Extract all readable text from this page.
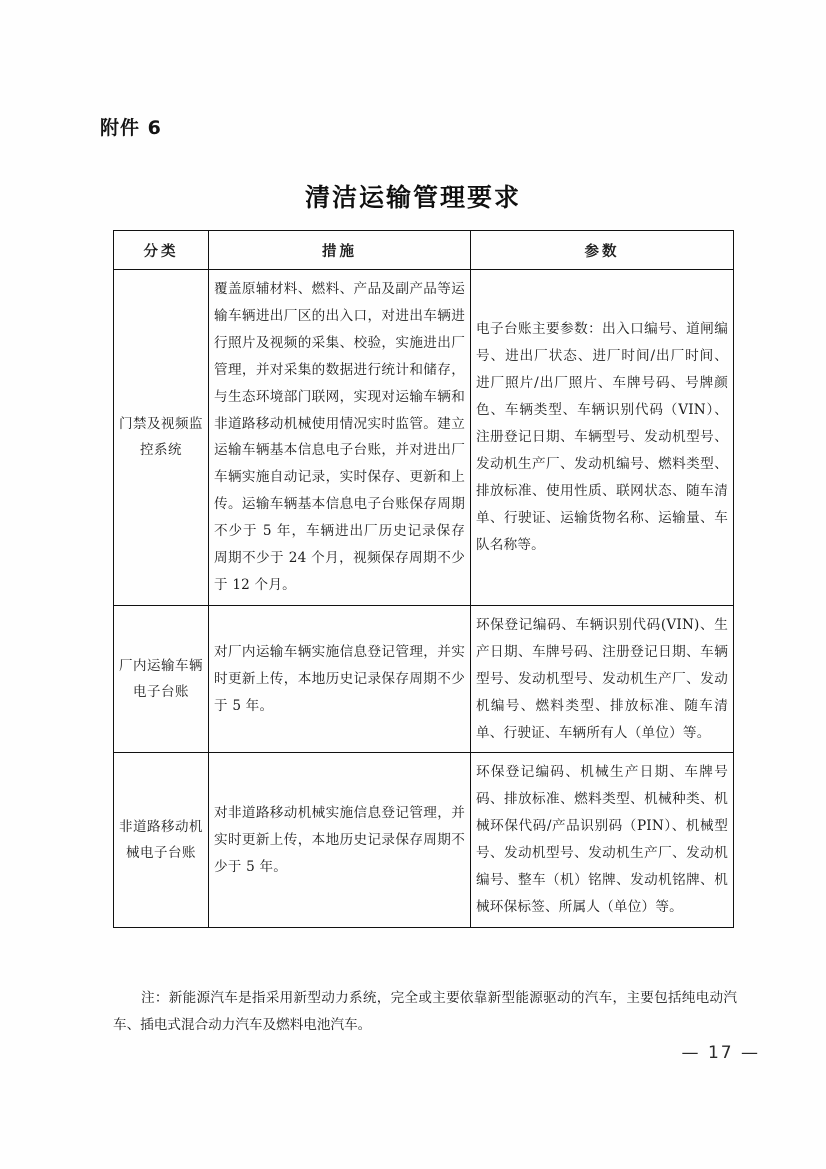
附件 6
清洁运输管理要求
分类	措施	参数
门禁及视频监控系统	覆盖原辅材料、燃料、产品及副产品等运输车辆进出厂区的出入口，对进出车辆进行照片及视频的采集、校验，实施进出厂管理，并对采集的数据进行统计和储存，与生态环境部门联网，实现对运输车辆和非道路移动机械使用情况实时监管。建立运输车辆基本信息电子台账，并对进出厂车辆实施自动记录，实时保存、更新和上传。运输车辆基本信息电子台账保存周期不少于 5 年，车辆进出厂历史记录保存周期不少于 24 个月，视频保存周期不少于 12 个月。	电子台账主要参数：出入口编号、道闸编号、进出厂状态、进厂时间/出厂时间、进厂照片/出厂照片、车牌号码、号牌颜色、车辆类型、车辆识别代码（VIN）、注册登记日期、车辆型号、发动机型号、发动机生产厂、发动机编号、燃料类型、排放标准、使用性质、联网状态、随车清单、行驶证、运输货物名称、运输量、车队名称等。
厂内运输车辆电子台账	对厂内运输车辆实施信息登记管理，并实时更新上传，本地历史记录保存周期不少于 5 年。	环保登记编码、车辆识别代码(VIN)、生产日期、车牌号码、注册登记日期、车辆型号、发动机型号、发动机生产厂、发动机编号、燃料类型、排放标准、随车清单、行驶证、车辆所有人（单位）等。
非道路移动机械电子台账	对非道路移动机械实施信息登记管理，并实时更新上传，本地历史记录保存周期不少于 5 年。	环保登记编码、机械生产日期、车牌号码、排放标准、燃料类型、机械种类、机械环保代码/产品识别码（PIN）、机械型号、发动机型号、发动机生产厂、发动机编号、整车（机）铭牌、发动机铭牌、机械环保标签、所属人（单位）等。
注：新能源汽车是指采用新型动力系统，完全或主要依靠新型能源驱动的汽车，主要包括纯电动汽车、插电式混合动力汽车及燃料电池汽车。
— 17 —
